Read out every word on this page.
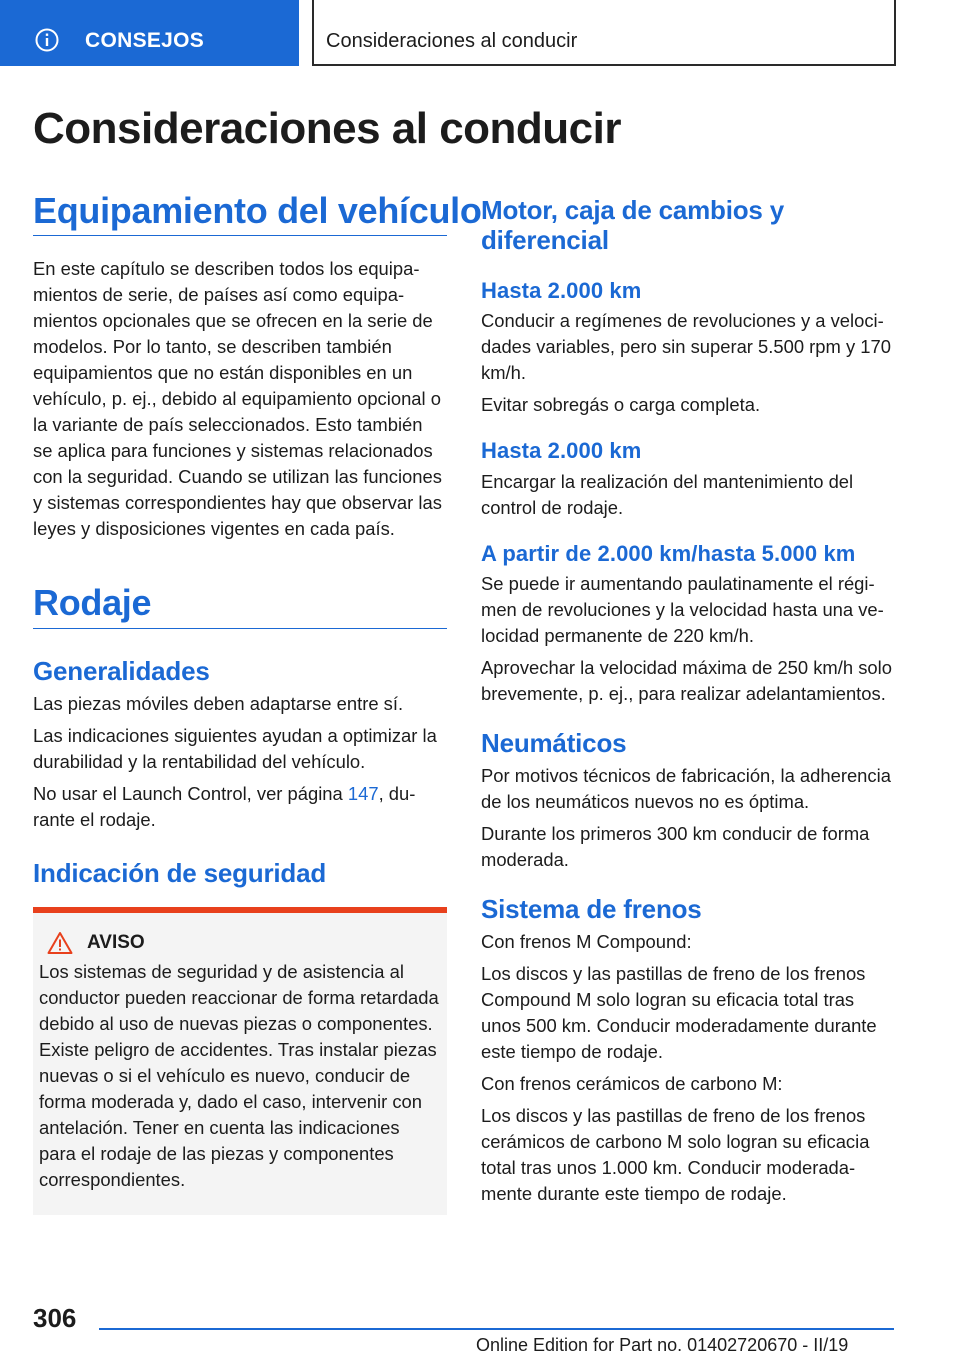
CONSEJOS	Consideraciones al conducir
Consideraciones al conducir
Equipamiento del vehículo

En este capítulo se describen todos los equipamientos de serie, de países así como equipamientos opcionales que se ofrecen en la serie de modelos. Por lo tanto, se describen también equipamientos que no están disponibles en un vehículo, p. ej., debido al equipamiento opcional o la variante de país seleccionados. Esto también se aplica para funciones y sistemas relacionados con la seguridad. Cuando se utilizan las funciones y sistemas correspondientes hay que observar las leyes y disposiciones vigentes en cada país.

Rodaje
Generalidades

Las piezas móviles deben adaptarse entre sí.

Las indicaciones siguientes ayudan a optimizar la durabilidad y la rentabilidad del vehículo.

No usar el Launch Control, ver página 147, durante el rodaje.

Indicación de seguridad
AVISO

Los sistemas de seguridad y de asistencia al conductor pueden reaccionar de forma retardada debido al uso de nuevas piezas o componentes. Existe peligro de accidentes. Tras instalar piezas nuevas o si el vehículo es nuevo, conducir de forma moderada y, dado el caso, intervenir con antelación. Tener en cuenta las indicaciones para el rodaje de las piezas y componentes correspondientes.

Motor, caja de cambios y diferencial
Hasta 2.000 km

Conducir a regímenes de revoluciones y a velocidades variables, pero sin superar 5.500 rpm y 170 km/h.

Evitar sobregás o carga completa.

Hasta 2.000 km

Encargar la realización del mantenimiento del control de rodaje.

A partir de 2.000 km/hasta 5.000 km

Se puede ir aumentando paulatinamente el régimen de revoluciones y la velocidad hasta una velocidad permanente de 220 km/h.

Aprovechar la velocidad máxima de 250 km/h solo brevemente, p. ej., para realizar adelantamientos.

Neumáticos

Por motivos técnicos de fabricación, la adherencia de los neumáticos nuevos no es óptima.

Durante los primeros 300 km conducir de forma moderada.

Sistema de frenos

Con frenos M Compound:

Los discos y las pastillas de freno de los frenos Compound M solo logran su eficacia total tras unos 500 km. Conducir moderadamente durante este tiempo de rodaje.

Con frenos cerámicos de carbono M:

Los discos y las pastillas de freno de los frenos cerámicos de carbono M solo logran su eficacia total tras unos 1.000 km. Conducir moderadamente durante este tiempo de rodaje.

306
Online Edition for Part no. 01402720670 - II/19
